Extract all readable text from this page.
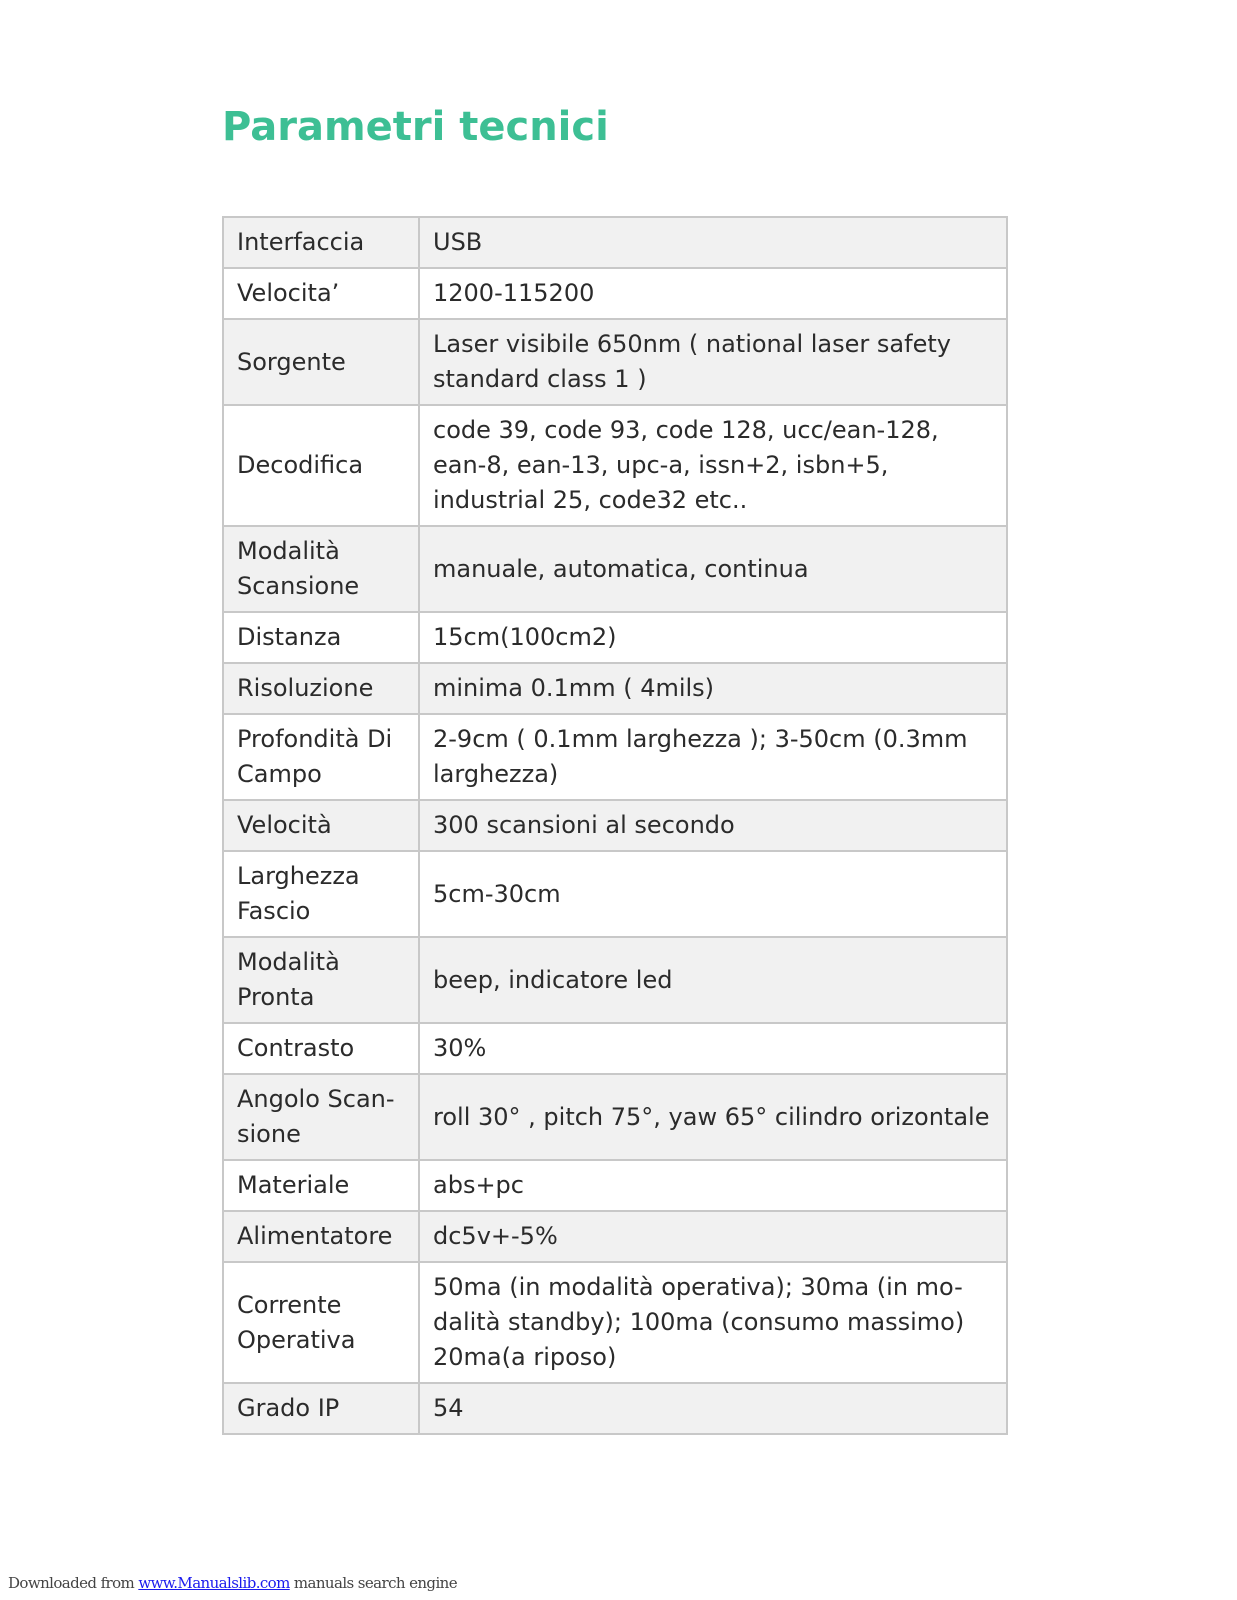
Parametri tecnici
Interfaccia	USB
Velocita’	1200-115200
Sorgente	Laser visibile 650nm ( national laser safety standard class 1 )
Decodifica	code 39, code 93, code 128, ucc/ean-128, ean-8, ean-13, upc-a, issn+2, isbn+5, industrial 25, code32 etc..
Modalità Scansione	manuale, automatica, continua
Distanza	15cm(100cm2)
Risoluzione	minima 0.1mm ( 4mils)
Profondità Di Campo	2-9cm ( 0.1mm larghezza ); 3-50cm (0.3mm larghezza)
Velocità	300 scansioni al secondo
Larghezza Fascio	5cm-30cm
Modalità Pronta	beep, indicatore led
Contrasto	30%
Angolo Scan-sione	roll 30° , pitch 75°, yaw 65° cilindro orizontale
Materiale	abs+pc
Alimentatore	dc5v+-5%
Corrente Operativa	50ma (in modalità operativa); 30ma (in mo-dalità standby); 100ma (consumo massimo) 20ma(a riposo)
Grado IP	54
Downloaded from www.Manualslib.com manuals search engine
